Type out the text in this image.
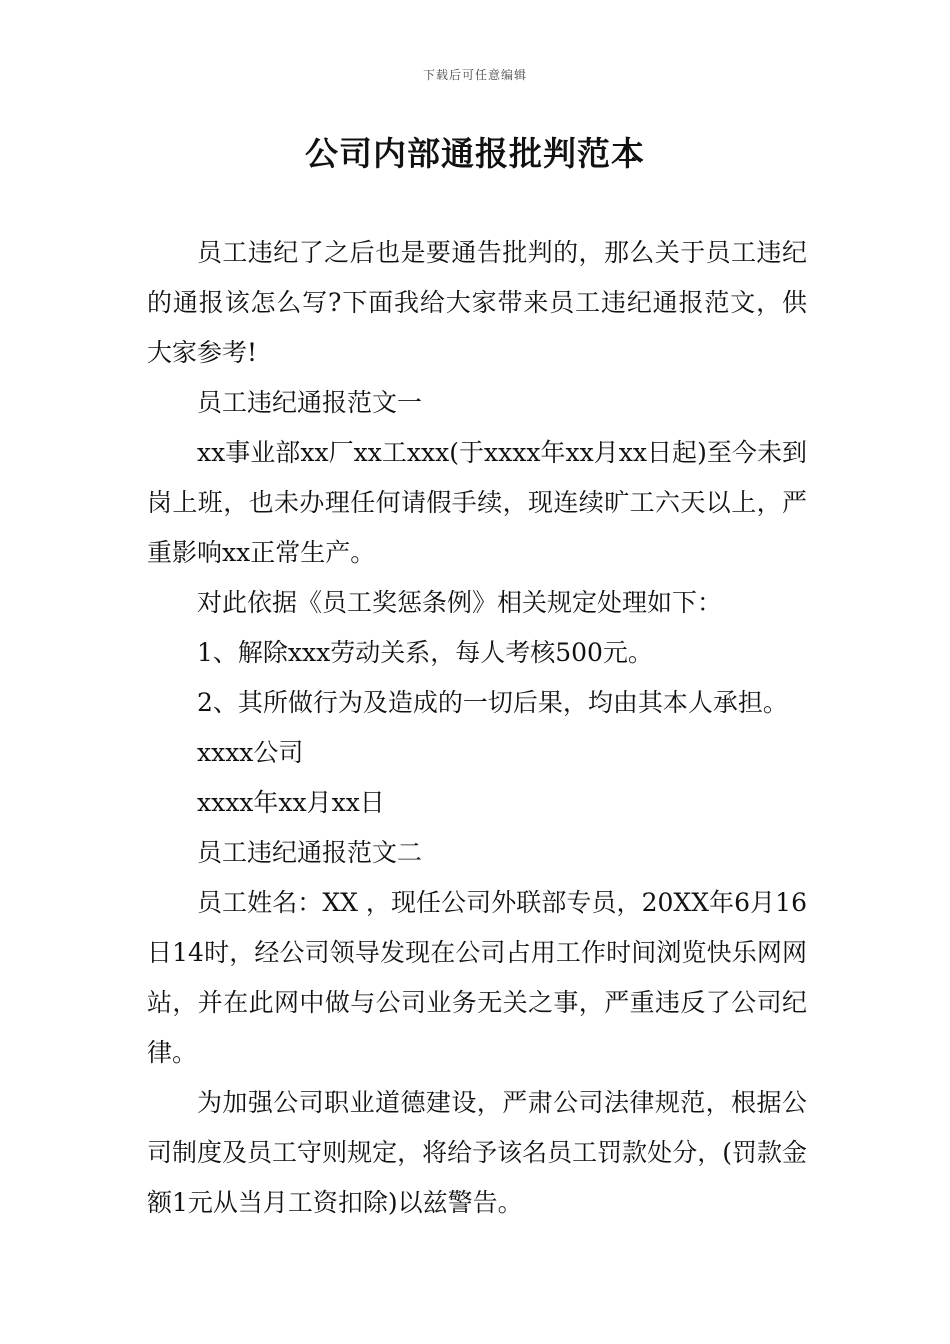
下载后可任意编辑
公司内部通报批判范本

员工违纪了之后也是要通告批判的，那么关于员工违纪的通报该怎么写?下面我给大家带来员工违纪通报范文，供大家参考!

员工违纪通报范文一

xx事业部xx厂xx工xxx(于xxxx年xx月xx日起)至今未到岗上班，也未办理任何请假手续，现连续旷工六天以上，严重影响xx正常生产。

对此依据《员工奖惩条例》相关规定处理如下：

1、解除xxx劳动关系，每人考核500元。

2、其所做行为及造成的一切后果，均由其本人承担。

xxxx公司

xxxx年xx月xx日

员工违纪通报范文二

员工姓名：XX ，现任公司外联部专员，20XX年6月16日14时，经公司领导发现在公司占用工作时间浏览快乐网网站，并在此网中做与公司业务无关之事，严重违反了公司纪律。

为加强公司职业道德建设，严肃公司法律规范，根据公司制度及员工守则规定，将给予该名员工罚款处分，(罚款金额1元从当月工资扣除)以兹警告。
